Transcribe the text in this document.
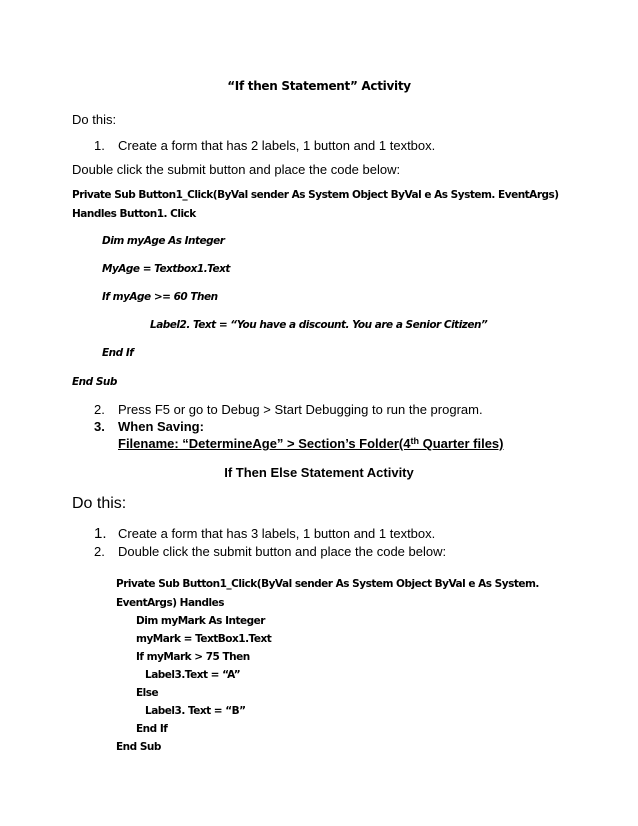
“If then Statement” Activity
Do this:
1. Create a form that has 2 labels, 1 button and 1 textbox.
Double click the submit button and place the code below:
Private Sub Button1_Click(ByVal sender As System Object ByVal e As System. EventArgs)
Handles Button1. Click
Dim myAge As Integer
MyAge = Textbox1.Text
If myAge >= 60 Then
Label2. Text = “You have a discount. You are a Senior Citizen”
End If
End Sub
2. Press F5 or go to Debug > Start Debugging to run the program.
3. When Saving:
Filename: “DetermineAge” > Section’s Folder(4th Quarter files)
If Then Else Statement Activity
Do this:
1. Create a form that has 3 labels, 1 button and 1 textbox.
2. Double click the submit button and place the code below:
Private Sub Button1_Click(ByVal sender As System Object ByVal e As System.
EventArgs) Handles
Dim myMark As Integer
myMark = TextBox1.Text
If myMark > 75 Then
Label3.Text = “A”
Else
Label3. Text = “B”
End If
End Sub
